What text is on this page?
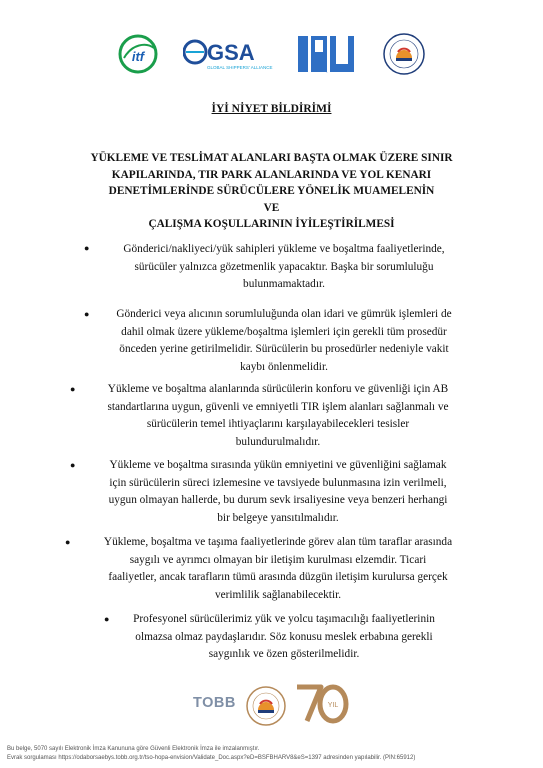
itf	GSA
GLOBAL SHIPPERS' ALLIANCE
IRU
İYİ NİYET BİLDİRİMİ
YÜKLEME VE TESLİMAT ALANLARI BAŞTA OLMAK ÜZERE SINIR
KAPILARINDA, TIR PARK ALANLARINDA VE YOL KENARI
DENETİMLERİNDE SÜRÜCÜLERE YÖNELİK MUAMELENİN
VE
ÇALIŞMA KOŞULLARININ İYİLEŞTİRİLMESİ
●	Gönderici/nakliyeci/yük sahipleri yükleme ve boşaltma faaliyetlerinde,
sürücüler yalnızca gözetmenlik yapacaktır. Başka bir sorumluluğu
bulunmamaktadır.
●	Gönderici veya alıcının sorumluluğunda olan idari ve gümrük işlemleri de
dahil olmak üzere yükleme/boşaltma işlemleri için gerekli tüm prosedür
önceden yerine getirilmelidir. Sürücülerin bu prosedürler nedeniyle vakit
kaybı önlenmelidir.
●	Yükleme ve boşaltma alanlarında sürücülerin konforu ve güvenliği için AB
standartlarına uygun, güvenli ve emniyetli TIR işlem alanları sağlanmalı ve
sürücülerin temel ihtiyaçlarını karşılayabilecekleri tesisler
bulundurulmalıdır.
●	Yükleme ve boşaltma sırasında yükün emniyetini ve güvenliğini sağlamak
için sürücülerin süreci izlemesine ve tavsiyede bulunmasına izin verilmeli,
uygun olmayan hallerde, bu durum sevk irsaliyesine veya benzeri herhangi
bir belgeye yansıtılmalıdır.
●	Yükleme, boşaltma ve taşıma faaliyetlerinde görev alan tüm taraflar arasında
saygılı ve ayrımcı olmayan bir iletişim kurulması elzemdir. Ticari
faaliyetler, ancak tarafların tümü arasında düzgün iletişim kurulursa gerçek
verimlilik sağlanabilecektir.
●	Profesyonel sürücülerimiz yük ve yolcu taşımacılığı faaliyetlerinin
olmazsa olmaz paydaşlarıdır. Söz konusu meslek erbabına gerekli
saygınlık ve özen gösterilmelidir.
TOBB	YIL
Bu belge, 5070 sayılı Elektronik İmza Kanununa göre Güvenli Elektronik İmza ile imzalanmıştır.
Evrak sorgulaması https://odaborsaebys.tobb.org.tr/tso-hopa-envision/Validate_Doc.aspx?eD=BSFBHARV8&eS=1397 adresinden yapılabilir. (PIN:65912)
